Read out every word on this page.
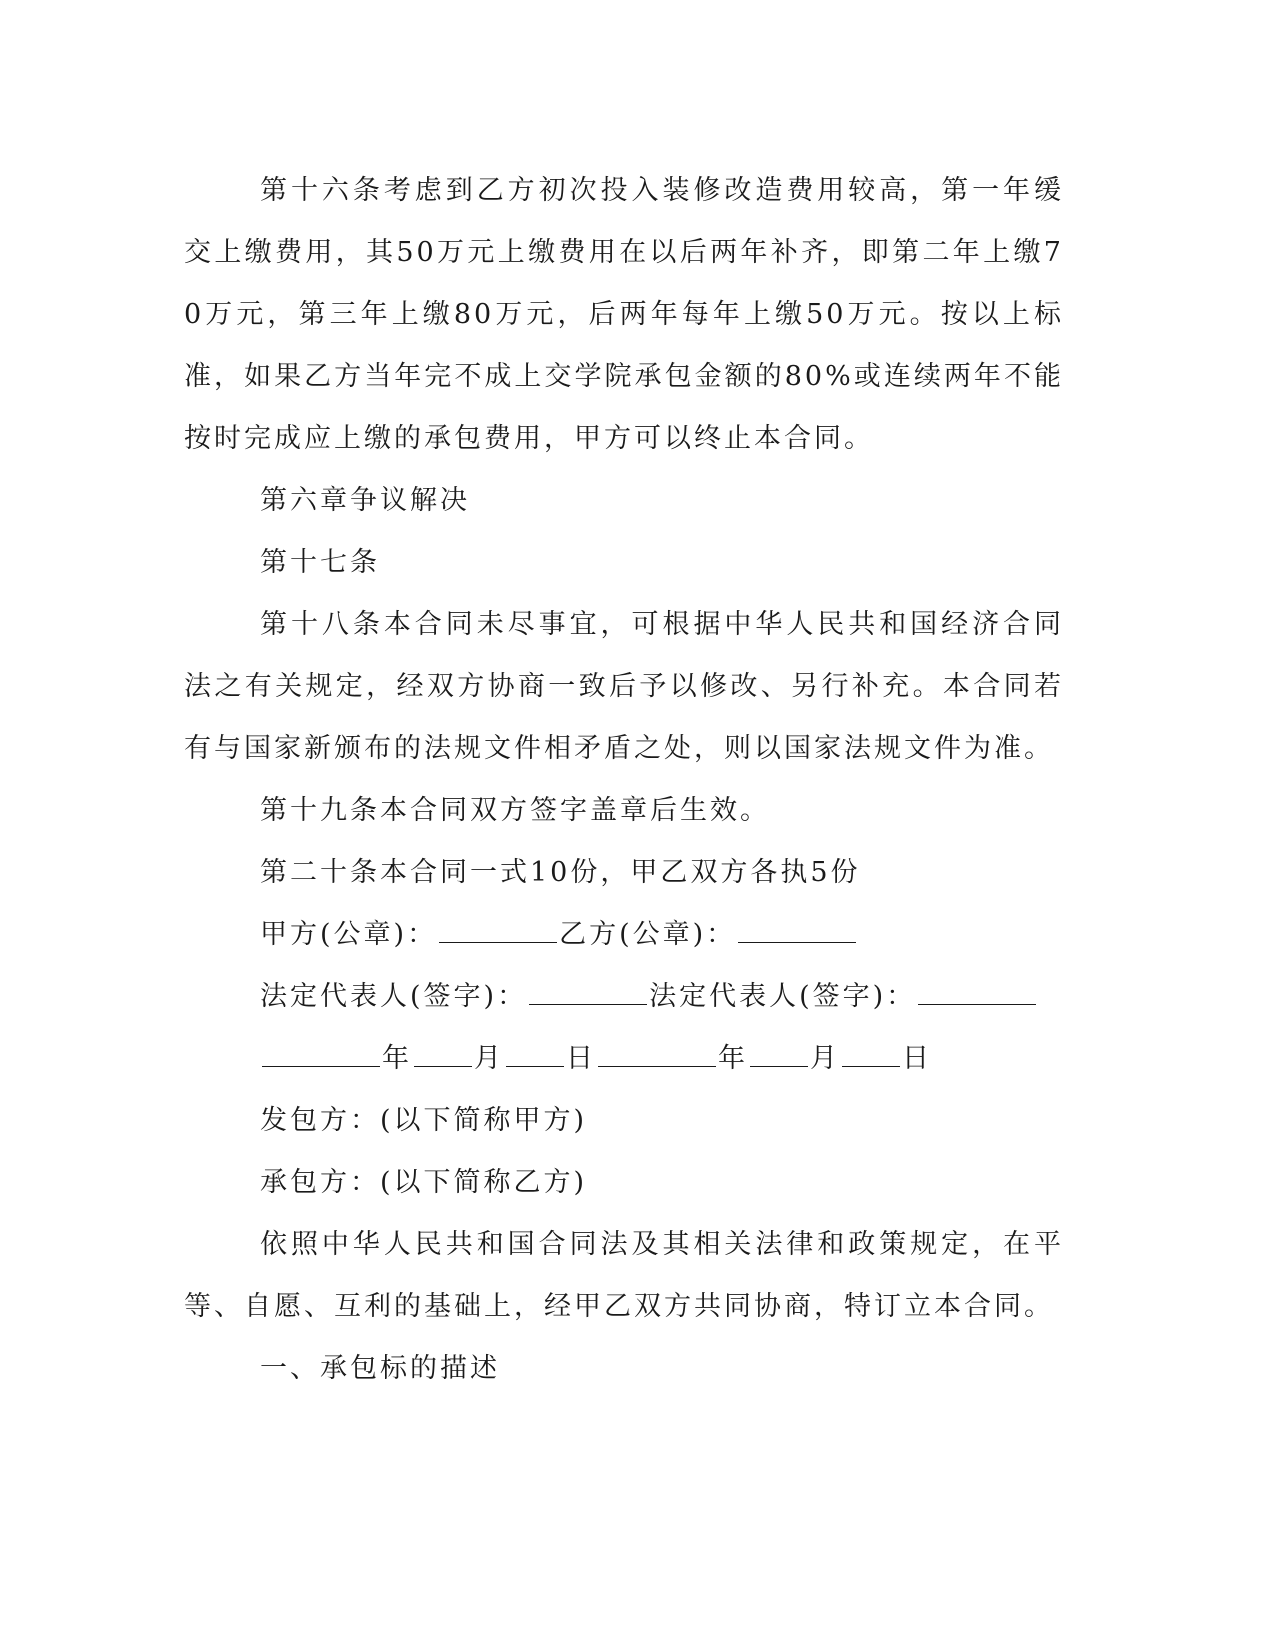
第十六条考虑到乙方初次投入装修改造费用较高，第一年缓交上缴费用，其50万元上缴费用在以后两年补齐，即第二年上缴70万元，第三年上缴80万元，后两年每年上缴50万元。按以上标准，如果乙方当年完不成上交学院承包金额的80%或连续两年不能按时完成应上缴的承包费用，甲方可以终止本合同。

第六章争议解决

第十七条

第十八条本合同未尽事宜，可根据中华人民共和国经济合同法之有关规定，经双方协商一致后予以修改、另行补充。本合同若有与国家新颁布的法规文件相矛盾之处，则以国家法规文件为准。

第十九条本合同双方签字盖章后生效。

第二十条本合同一式10份，甲乙双方各执5份

甲方(公章)：	乙方(公章)：

法定代表人(签字)：	法定代表人(签字)：

年 月 日	年 月 日

发包方：(以下简称甲方)

承包方：(以下简称乙方)

依照中华人民共和国合同法及其相关法律和政策规定，在平等、自愿、互利的基础上，经甲乙双方共同协商，特订立本合同。

一、承包标的描述
